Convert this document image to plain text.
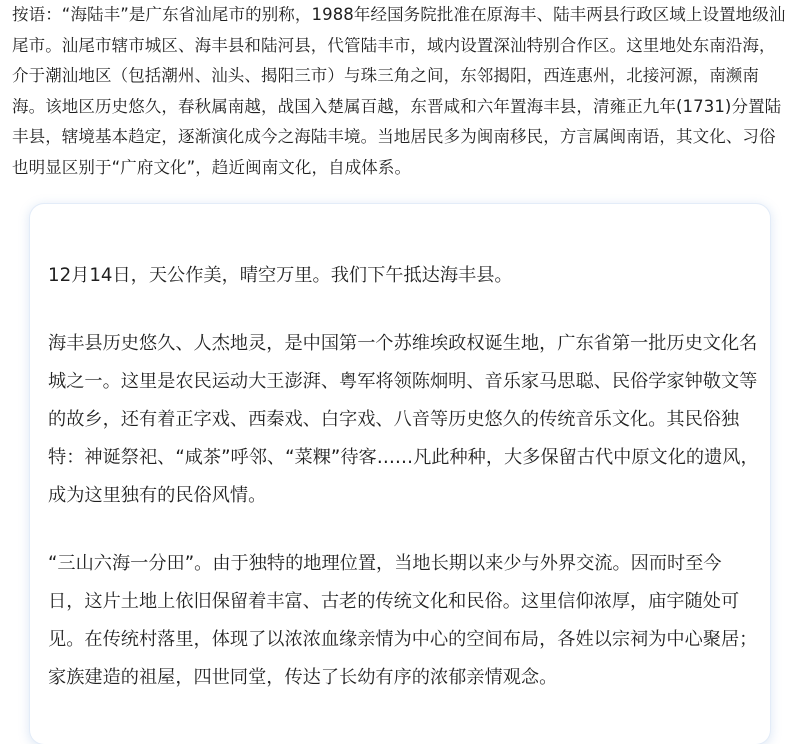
按语：“海陆丰”是广东省汕尾市的别称，1988年经国务院批准在原海丰、陆丰两县行政区域上设置地级汕
尾市。汕尾市辖市城区、海丰县和陆河县，代管陆丰市，域内设置深汕特别合作区。这里地处东南沿海，
介于潮汕地区（包括潮州、汕头、揭阳三市）与珠三角之间，东邻揭阳，西连惠州，北接河源，南濒南
海。该地区历史悠久，春秋属南越，战国入楚属百越，东晋咸和六年置海丰县，清雍正九年(1731)分置陆
丰县，辖境基本趋定，逐渐演化成今之海陆丰境。当地居民多为闽南移民，方言属闽南语，其文化、习俗
也明显区别于“广府文化”，趋近闽南文化，自成体系。

12月14日，天公作美，晴空万里。我们下午抵达海丰县。

海丰县历史悠久、人杰地灵，是中国第一个苏维埃政权诞生地，广东省第一批历史文化名
城之一。这里是农民运动大王澎湃、粤军将领陈炯明、音乐家马思聪、民俗学家钟敬文等
的故乡，还有着正字戏、西秦戏、白字戏、八音等历史悠久的传统音乐文化。其民俗独
特：神诞祭祀、“咸茶”呼邻、“菜粿”待客……凡此种种，大多保留古代中原文化的遗风，
成为这里独有的民俗风情。

“三山六海一分田”。由于独特的地理位置，当地长期以来少与外界交流。因而时至今
日，这片土地上依旧保留着丰富、古老的传统文化和民俗。这里信仰浓厚，庙宇随处可
见。在传统村落里，体现了以浓浓血缘亲情为中心的空间布局，各姓以宗祠为中心聚居；
家族建造的祖屋，四世同堂，传达了长幼有序的浓郁亲情观念。
